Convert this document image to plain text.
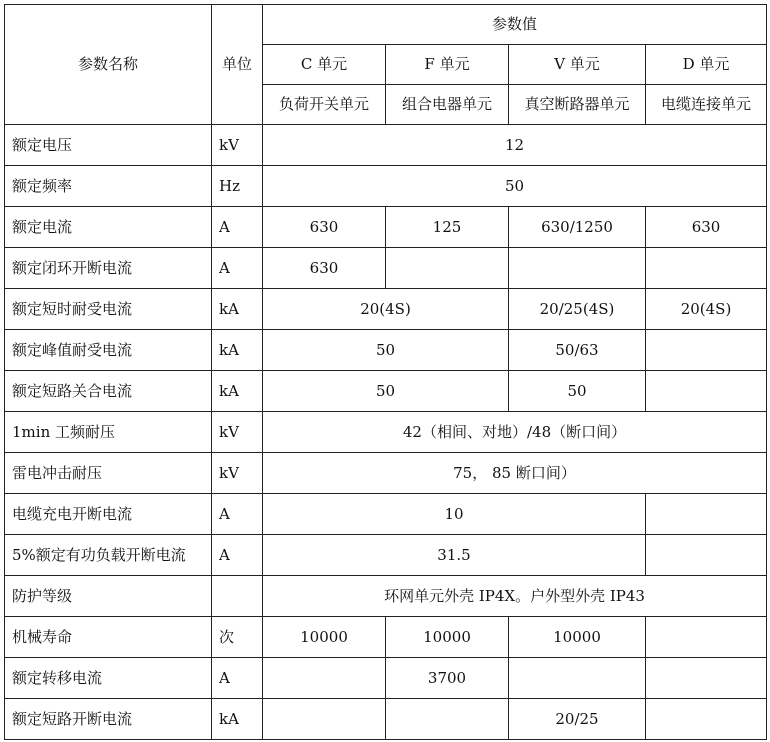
参数名称	单位	参数值			
		C 单元	F 单元	V 单元	D 单元
		负荷开关单元	组合电器单元	真空断路器单元	电缆连接单元
额定电压	kV	12			
额定频率	Hz	50			
额定电流	A	630	125	630/1250	630
额定闭环开断电流	A	630			
额定短时耐受电流	kA	20(4S)		20/25(4S)	20(4S)
额定峰值耐受电流	kA	50		50/63	
额定短路关合电流	kA	50		50	
1min 工频耐压	kV	42（相间、对地）/48（断口间）			
雷电冲击耐压	kV	75， 85 断口间）			
电缆充电开断电流	A	10			
5%额定有功负载开断电流	A	31.5			
防护等级		环网单元外壳 IP4X。户外型外壳 IP43			
机械寿命	次	10000	10000	10000	
额定转移电流	A		3700		
额定短路开断电流	kA			20/25	
